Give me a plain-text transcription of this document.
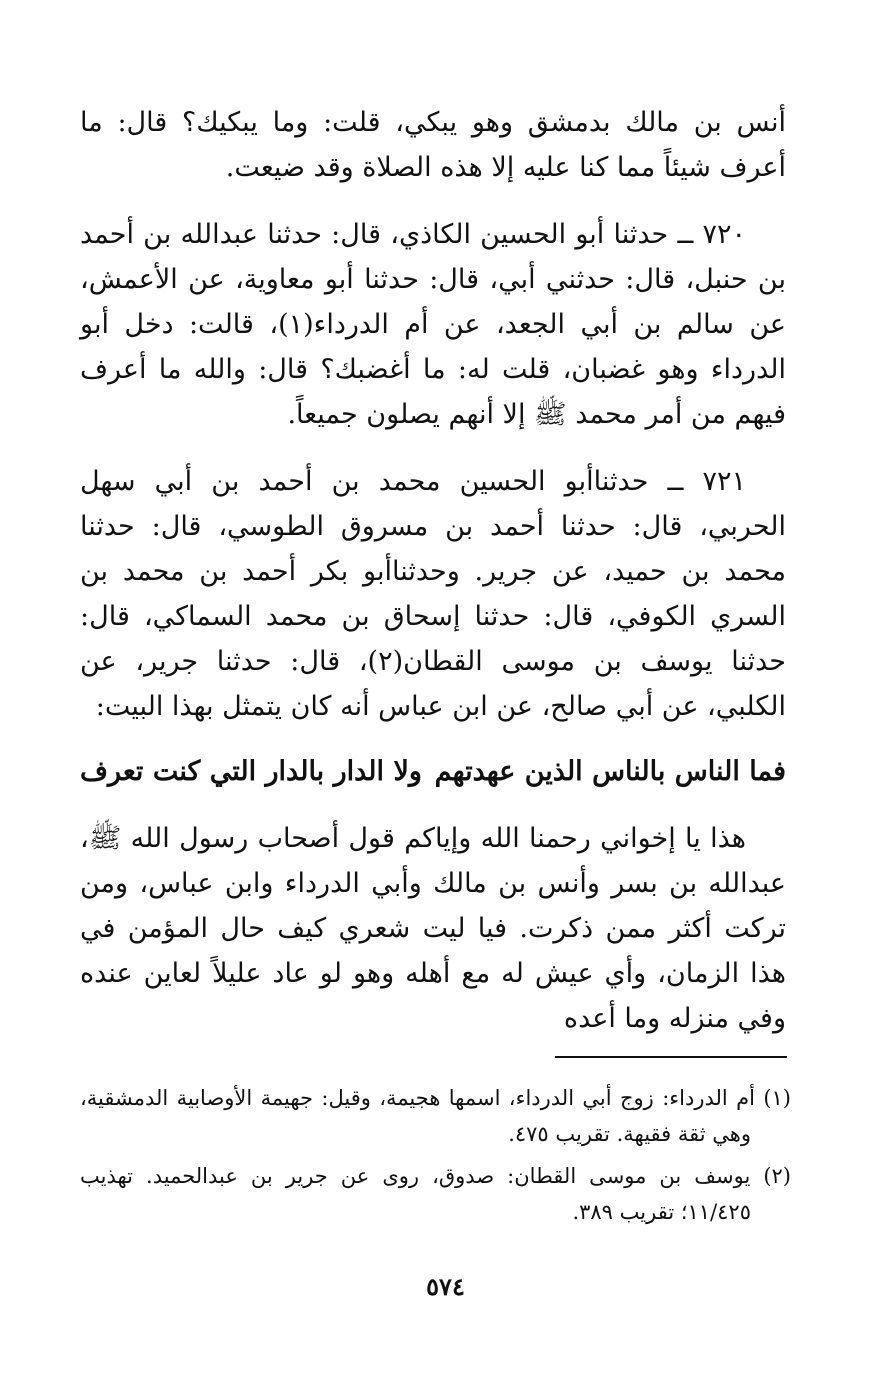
أنس بن مالك بدمشق وهو يبكي، قلت: وما يبكيك؟ قال: ما أعرف شيئاً مما كنا عليه إلا هذه الصلاة وقد ضيعت.

٧٢٠ ــ حدثنا أبو الحسين الكاذي، قال: حدثنا عبدالله بن أحمد بن حنبل، قال: حدثني أبي، قال: حدثنا أبو معاوية، عن الأعمش، عن سالم بن أبي الجعد، عن أم الدرداء(١)، قالت: دخل أبو الدرداء وهو غضبان، قلت له: ما أغضبك؟ قال: والله ما أعرف فيهم من أمر محمد ﷺ إلا أنهم يصلون جميعاً.

٧٢١ ــ حدثناأبو الحسين محمد بن أحمد بن أبي سهل الحربي، قال: حدثنا أحمد بن مسروق الطوسي، قال: حدثنا محمد بن حميد، عن جرير. وحدثناأبو بكر أحمد بن محمد بن السري الكوفي، قال: حدثنا إسحاق بن محمد السماكي، قال: حدثنا يوسف بن موسى القطان(٢)، قال: حدثنا جرير، عن الكلبي، عن أبي صالح، عن ابن عباس أنه كان يتمثل بهذا البيت:

فما الناس بالناس الذين عهدتهم
ولا الدار بالدار التي كنت تعرف

هذا يا إخواني رحمنا الله وإياكم قول أصحاب رسول الله ﷺ، عبدالله بن بسر وأنس بن مالك وأبي الدرداء وابن عباس، ومن تركت أكثر ممن ذكرت. فيا ليت شعري كيف حال المؤمن في هذا الزمان، وأي عيش له مع أهله وهو لو عاد عليلاً لعاين عنده وفي منزله وما أعده

(١) أم الدرداء: زوج أبي الدرداء، اسمها هجيمة، وقيل: جهيمة الأوصابية الدمشقية، وهي ثقة فقيهة. تقريب ٤٧٥.

(٢) يوسف بن موسى القطان: صدوق، روى عن جرير بن عبدالحميد. تهذيب ١١/٤٢٥؛ تقريب ٣٨٩.

٥٧٤
